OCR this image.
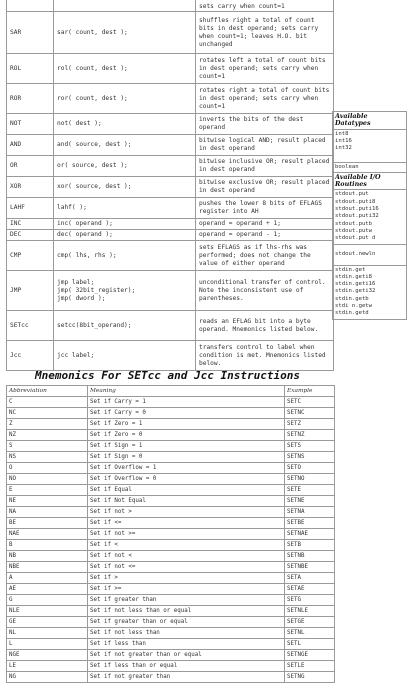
		sets carry when count=1
SAR	sar( count, dest );	shuffles right a total of count bits in dest operand; sets carry when count=1; leaves H.O. bit unchanged
ROL	rol( count, dest );	rotates left a total of count bits in dest operand; sets carry when count=1
ROR	ror( count, dest );	rotates right a total of count bits in dest operand; sets carry when count=1
NOT	not( dest );	inverts the bits of the dest operand
AND	and( source, dest );	bitwise logical AND; result placed in dest operand
OR	or( source, dest );	bitwise inclusive OR; result placed in dest operand
XOR	xor( source, dest );	bitwise exclusive OR; result placed in dest operand
LAHF	lahf( );	pushes the lower 8 bits of EFLAGS register into AH
INC	inc( operand );	operand = operand + 1;
DEC	dec( operand );	operand = operand - 1;
CMP	cmp( lhs, rhs );	sets EFLAGS as if lhs-rhs was performed; does not change the value of either operand
JMP	jmp label;
jmp( 32bit_register);
jmp( dword );	unconditional transfer of control. Note the inconsistent use of parentheses.
SETcc	setcc(8bit_operand);	reads an EFLAG bit into a byte operand. Mnemonics listed below.
Jcc	jcc label;	transfers control to label when condition is met. Mnemonics listed below.
Available Datatypes
int8
int16
int32
boolean
Available I/O Routines
stdout.put
stdout.puti8
stdout.puti16
stdout.puti32
stdout.putb
stdout.putw
stdout.put d
stdout.newln
stdin.get
stdin.geti8
stdin.geti16
stdin.geti32
stdin.getb
stdi n.getw
stdin.getd
Mnemonics For SETcc and Jcc Instructions
Abbreviation	Meaning	Example
C	Set if Carry = 1	SETC
NC	Set if Carry = 0	SETNC
Z	Set if Zero = 1	SETZ
NZ	Set if Zero = 0	SETNZ
S	Set if Sign = 1	SETS
NS	Set if Sign = 0	SETNS
O	Set if Overflow = 1	SETO
NO	Set if Overflow = 0	SETNO
E	Set if Equal	SETE
NE	Set if Not Equal	SETNE
NA	Set if not >	SETNA
BE	Set if <=	SETBE
NAE	Set if not >=	SETNAE
B	Set if <	SETB
NB	Set if not <	SETNB
NBE	Set if not <=	SETNBE
A	Set if >	SETA
AE	Set if >=	SETAE
G	Set if greater than	SETG
NLE	Set if not less than or equal	SETNLE
GE	Set if greater than or equal	SETGE
NL	Set if not less than	SETNL
L	Set if less than	SETL
NGE	Set if not greater than or equal	SETNGE
LE	Set if less than or equal	SETLE
NG	Set if not greater than	SETNG
